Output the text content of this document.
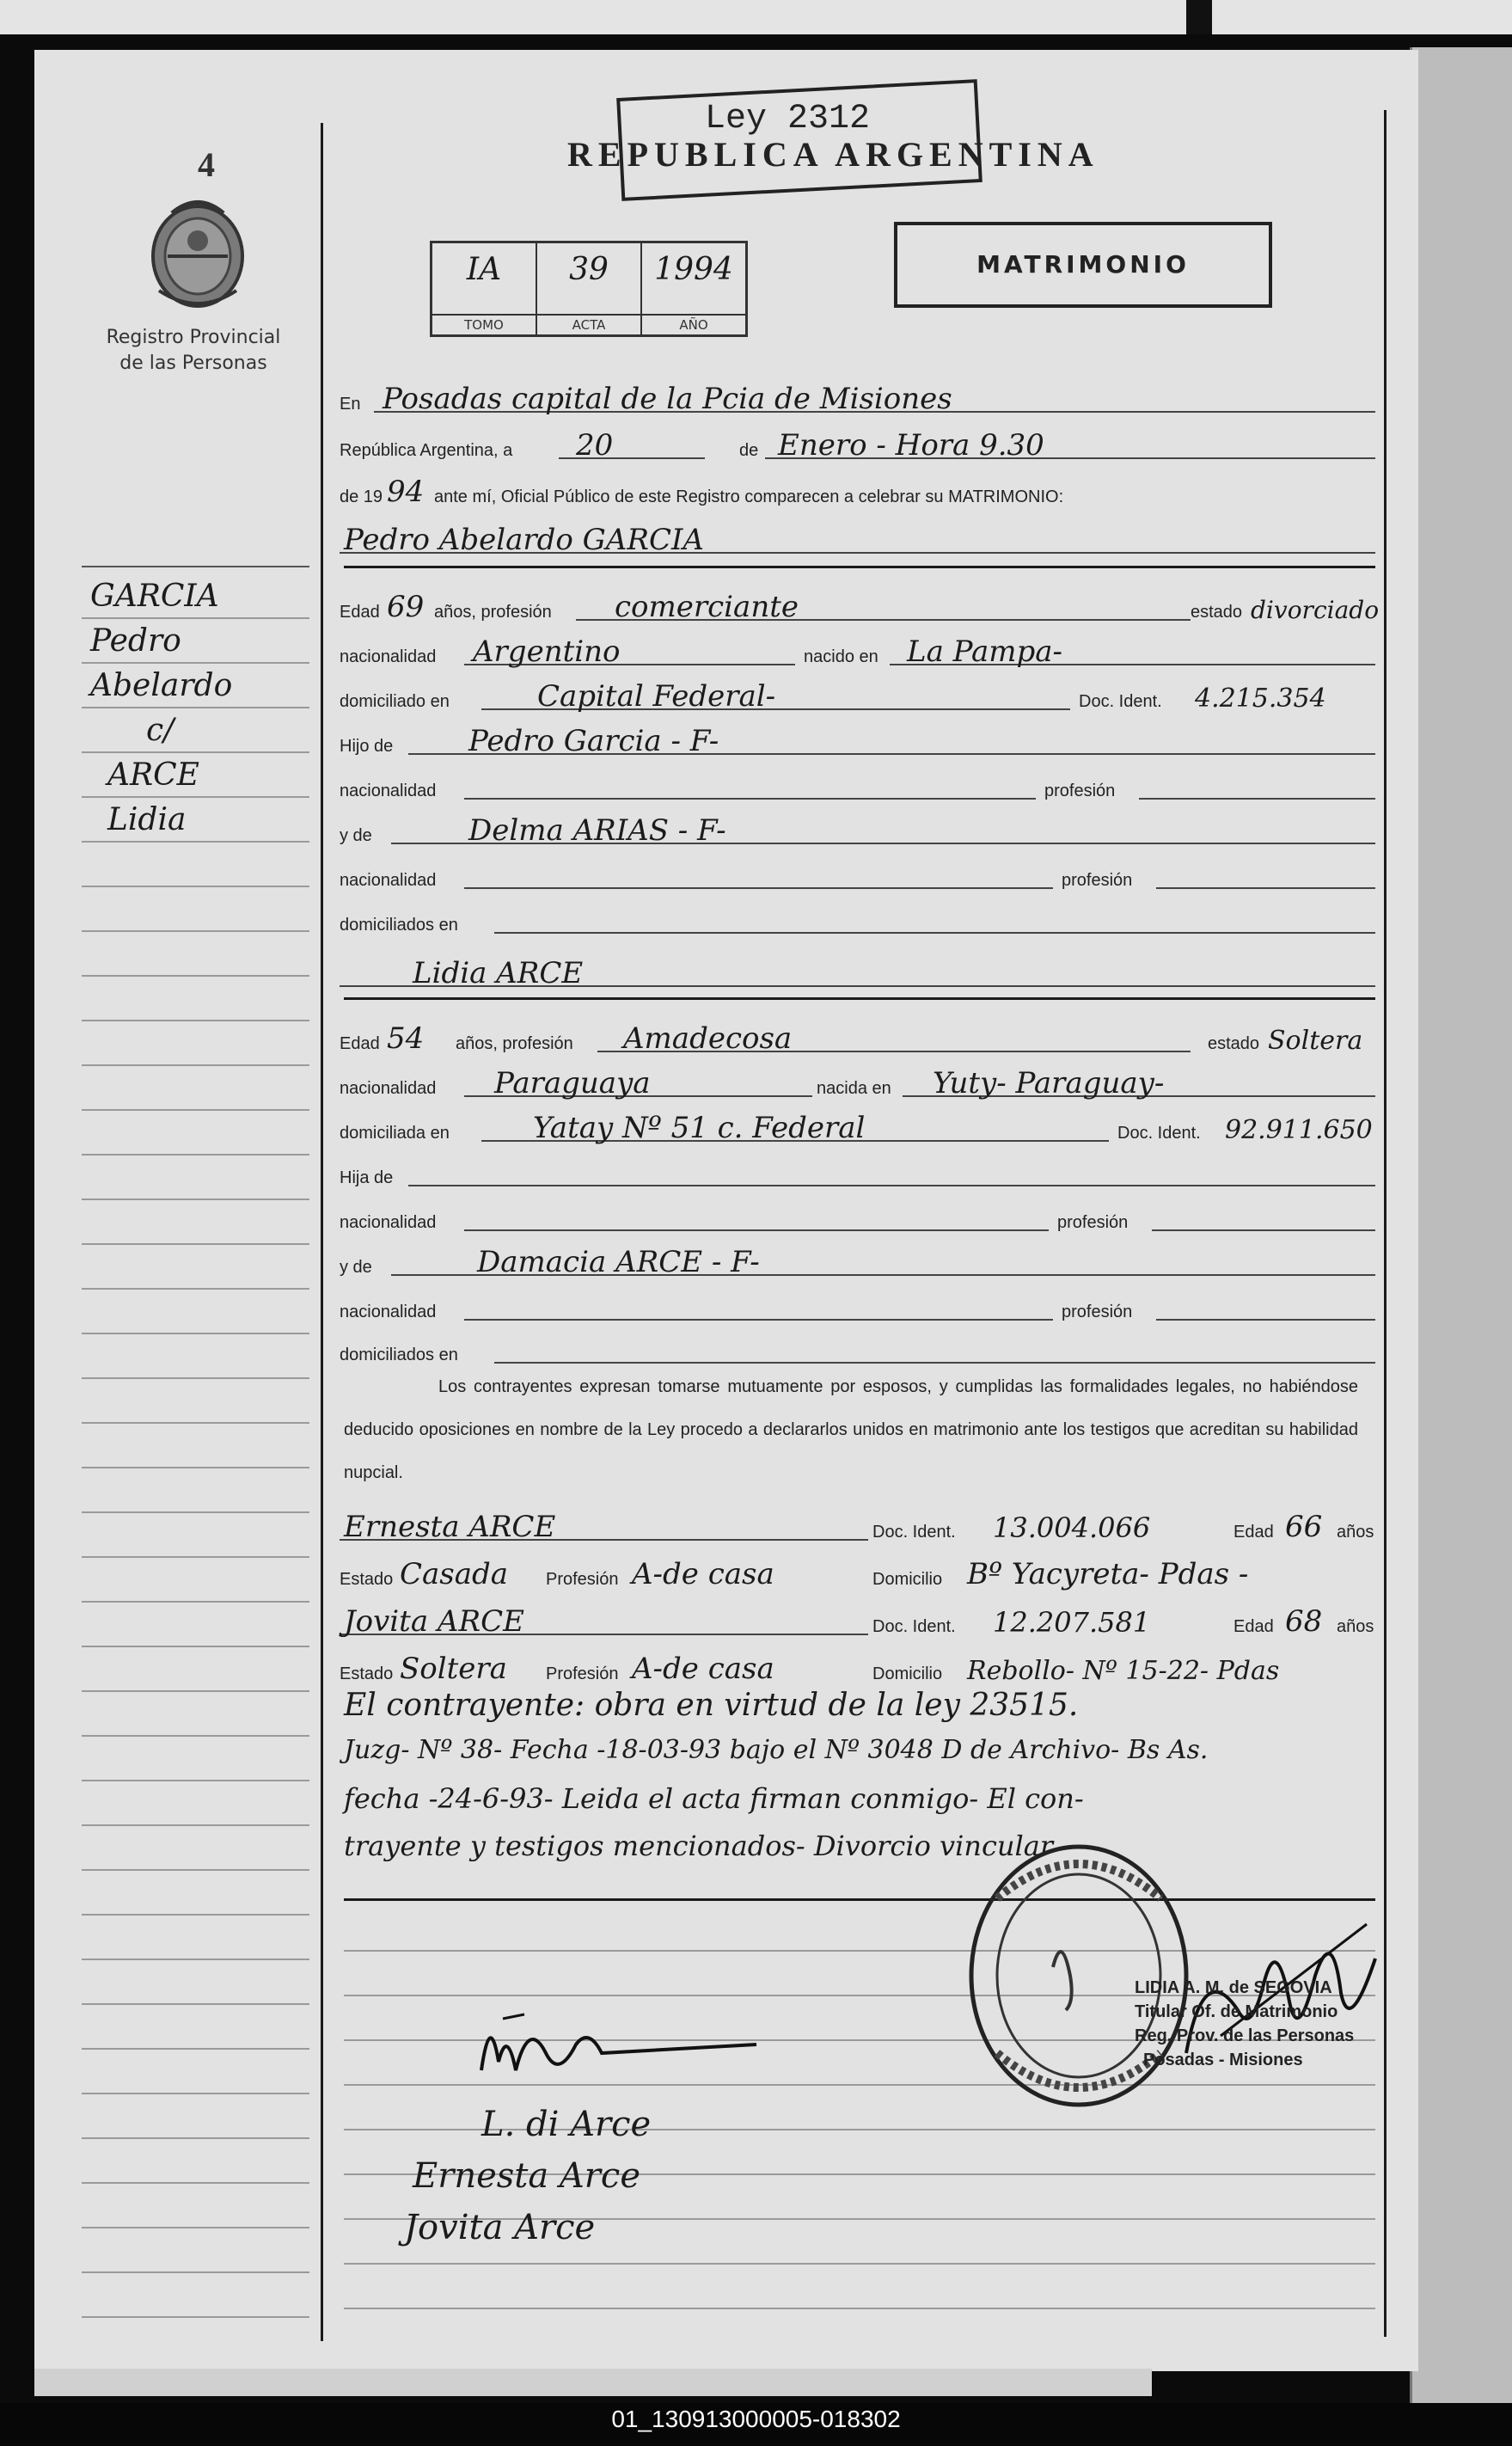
4
Registro Provincial
de las Personas
GARCIA
Pedro
Abelardo
c/
ARCE
Lidia
Ley 2312
REPUBLICA ARGENTINA
MATRIMONIO
IA
TOMO
39
ACTA
1994
AÑO
En Posadas capital de la Pcia de Misiones
República Argentina, a 20	de Enero - Hora 9.30
de 19 94 ante mí, Oficial Público de este Registro comparecen a celebrar su MATRIMONIO:
Pedro Abelardo GARCIA
Edad 69 años, profesión comerciante	estado divorciado
nacionalidad Argentino	nacido en La Pampa-
domiciliado en	Capital Federal-	Doc. Ident. 4.215.354
Hijo de	Pedro Garcia - F-
nacionalidad	profesión
y de	Delma ARIAS - F-
nacionalidad	profesión
domiciliados en
Lidia ARCE
Edad 54 años, profesión Amadecosa	estado Soltera
nacionalidad Paraguaya	nacida en Yuty- Paraguay-
domiciliada en	Yatay Nº 51 c. Federal	Doc. Ident. 92.911.650
Hija de
nacionalidad	profesión
y de	Damacia ARCE - F-
nacionalidad	profesión
domiciliados en
Los contrayentes expresan tomarse mutuamente por esposos, y cumplidas las formalidades legales, no habiéndose deducido oposiciones en nombre de la Ley procedo a declararlos unidos en matrimonio ante los testigos que acreditan su habilidad nupcial.
Ernesta ARCE	Doc. Ident. 13.004.066	Edad 66 años
Estado Casada Profesión A-de casa	Domicilio Bº Yacyreta- Pdas -
Jovita ARCE	Doc. Ident. 12.207.581	Edad 68 años
Estado Soltera Profesión A-de casa	Domicilio Rebollo- Nº 15-22- Pdas
El contrayente: obra en virtud de la ley 23515.
Juzg- Nº 38- Fecha -18-03-93 bajo el Nº 3048 D de Archivo- Bs As.
fecha -24-6-93- Leida el acta firman conmigo- El con-
trayente y testigos mencionados- Divorcio vincular
LIDIA A. M. de SEGOVIA
Titular Of. de Matrimonio
Reg. Prov. de las Personas
Posadas - Misiones
L. di Arce
Ernesta Arce
Jovita Arce
01_130913000005-018302
